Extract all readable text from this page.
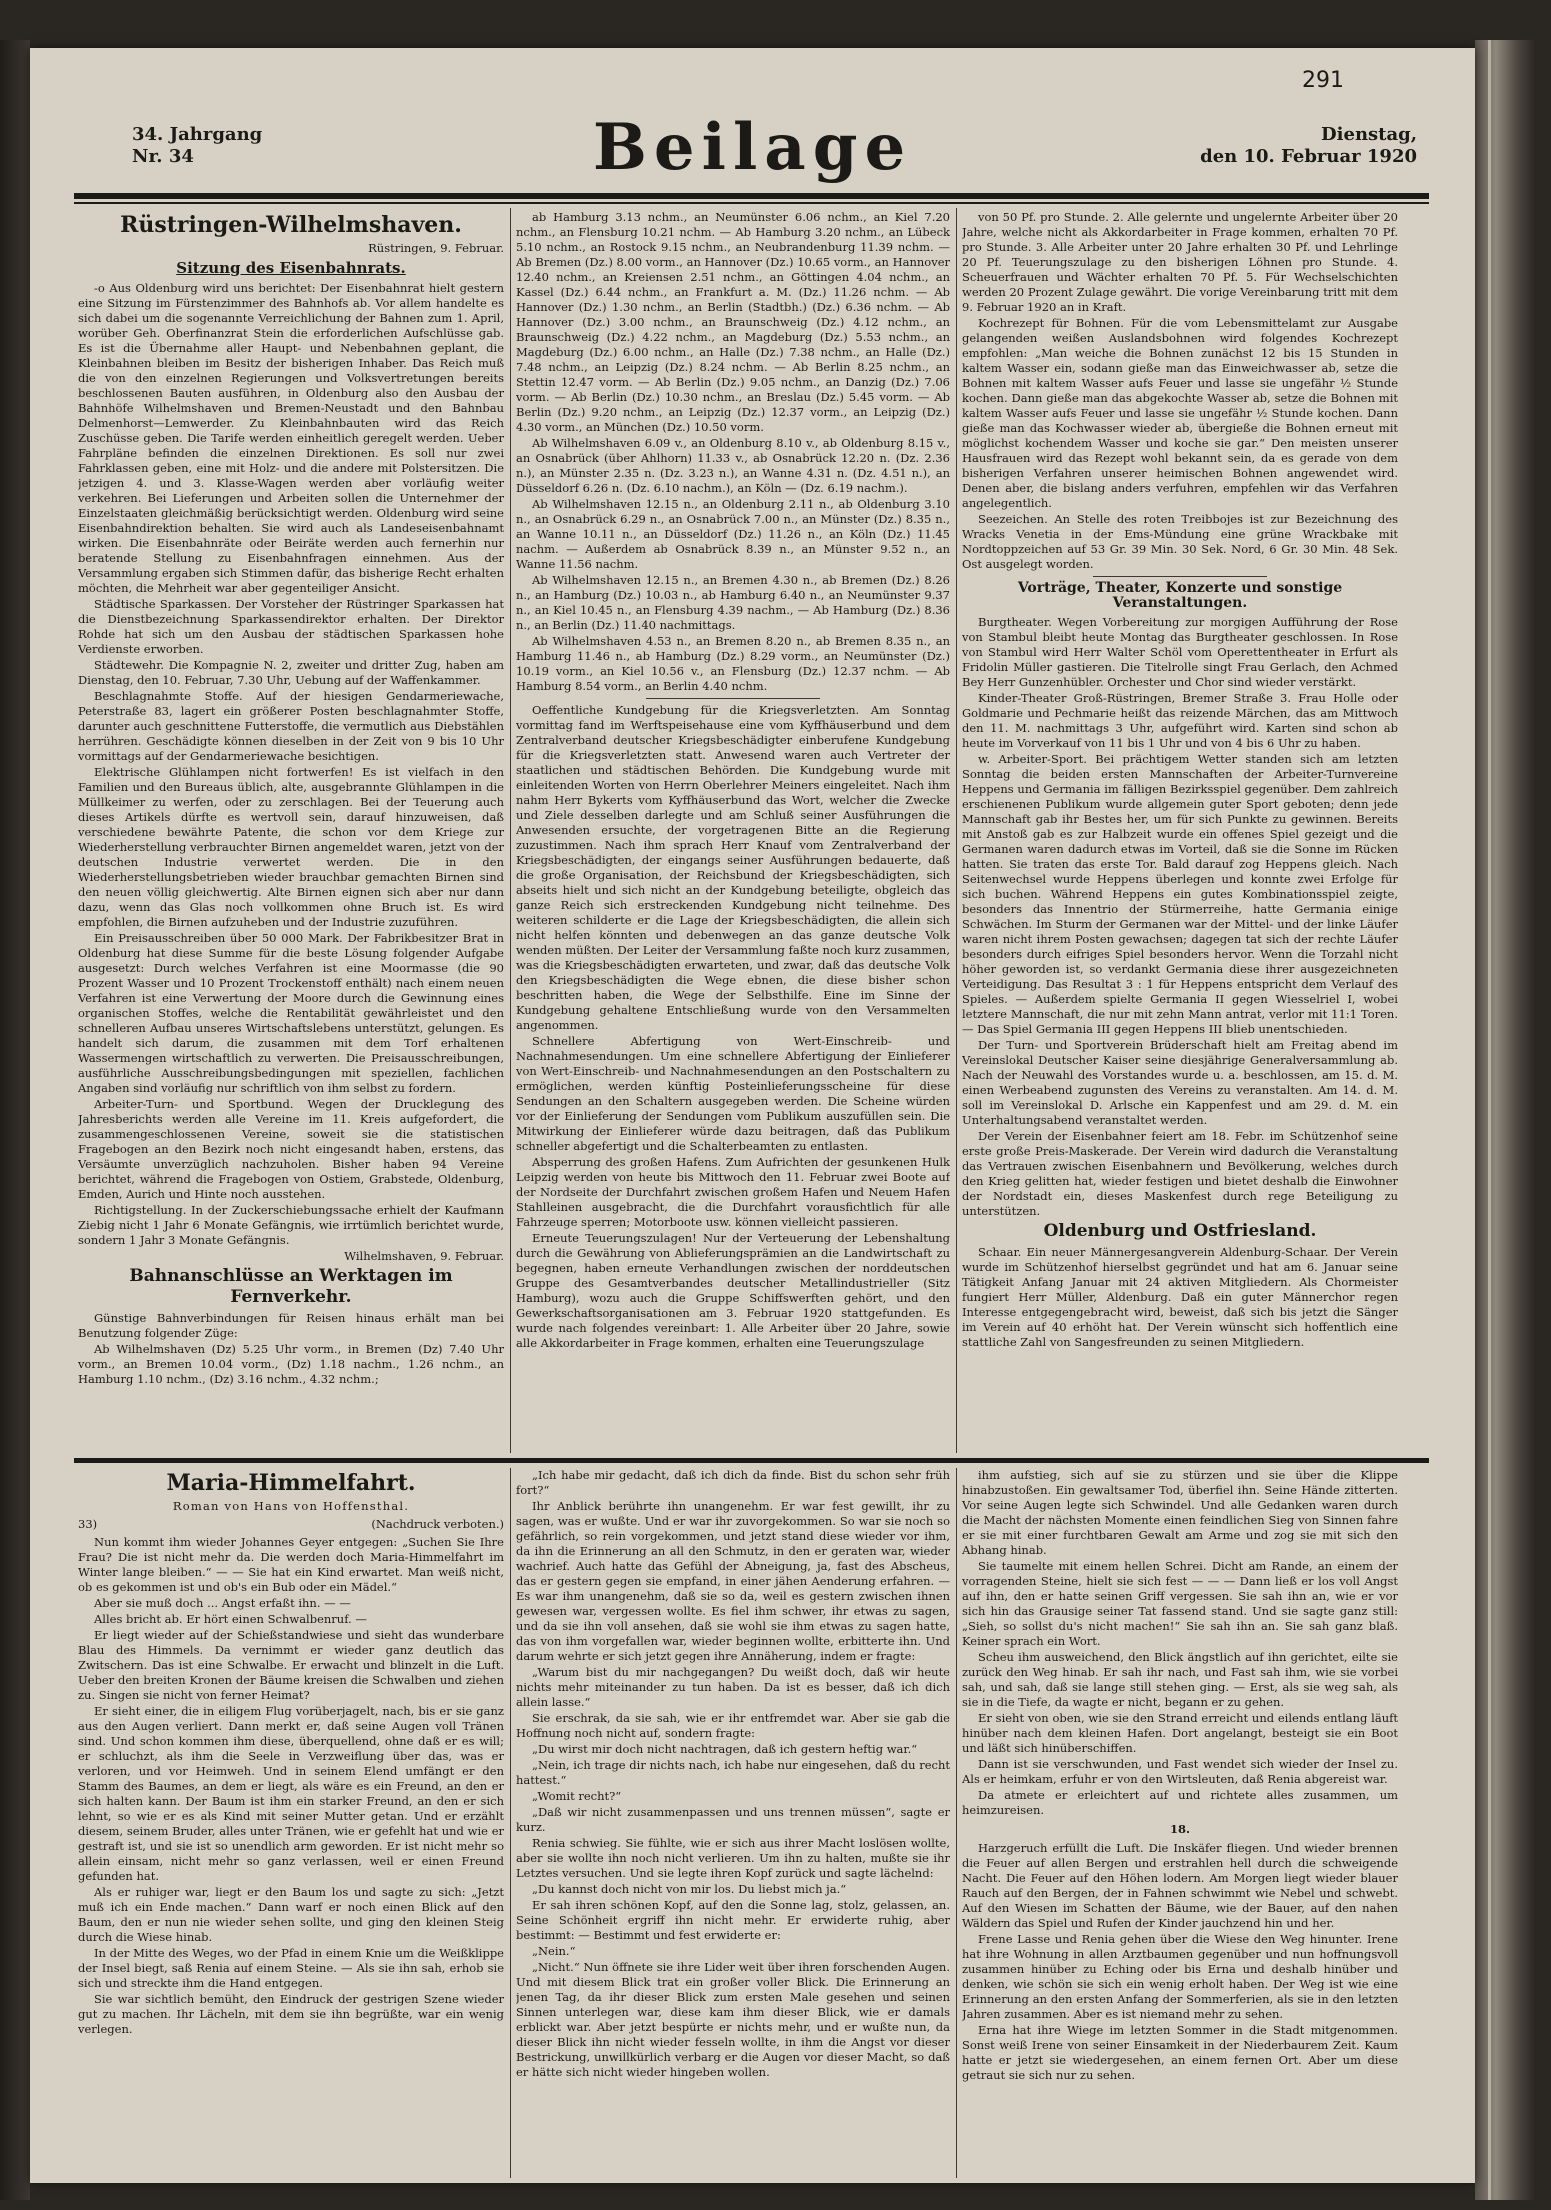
291
34. Jahrgang
Nr. 34	Beilage	Dienstag,
den 10. Februar 1920
Rüstringen-Wilhelmshaven.
Rüstringen, 9. Februar.
Sitzung des Eisenbahnrats.

-o Aus Oldenburg wird uns berichtet: Der Eisenbahnrat hielt gestern eine Sitzung im Fürstenzimmer des Bahnhofs ab. Vor allem handelte es sich dabei um die sogenannte Verreichlichung der Bahnen zum 1. April, worüber Geh. Oberfinanzrat Stein die erforderlichen Aufschlüsse gab. Es ist die Übernahme aller Haupt- und Nebenbahnen geplant, die Kleinbahnen bleiben im Besitz der bisherigen Inhaber. Das Reich muß die von den einzelnen Regierungen und Volksvertretungen bereits beschlossenen Bauten ausführen, in Oldenburg also den Ausbau der Bahnhöfe Wilhelmshaven und Bremen-Neustadt und den Bahnbau Delmenhorst—Lemwerder. Zu Kleinbahnbauten wird das Reich Zuschüsse geben. Die Tarife werden einheitlich geregelt werden. Ueber Fahrpläne befinden die einzelnen Direktionen. Es soll nur zwei Fahrklassen geben, eine mit Holz- und die andere mit Polstersitzen. Die jetzigen 4. und 3. Klasse-Wagen werden aber vorläufig weiter verkehren. Bei Lieferungen und Arbeiten sollen die Unternehmer der Einzelstaaten gleichmäßig berücksichtigt werden. Oldenburg wird seine Eisenbahndirektion behalten. Sie wird auch als Landeseisenbahnamt wirken. Die Eisenbahnräte oder Beiräte werden auch fernerhin nur beratende Stellung zu Eisenbahnfragen einnehmen. Aus der Versammlung ergaben sich Stimmen dafür, das bisherige Recht erhalten möchten, die Mehrheit war aber gegenteiliger Ansicht.

Städtische Sparkassen. Der Vorsteher der Rüstringer Sparkassen hat die Dienstbezeichnung Sparkassendirektor erhalten. Der Direktor Rohde hat sich um den Ausbau der städtischen Sparkassen hohe Verdienste erworben.

Städtewehr. Die Kompagnie N. 2, zweiter und dritter Zug, haben am Dienstag, den 10. Februar, 7.30 Uhr, Uebung auf der Waffenkammer.

Beschlagnahmte Stoffe. Auf der hiesigen Gendarmeriewache, Peterstraße 83, lagert ein größerer Posten beschlagnahmter Stoffe, darunter auch geschnittene Futterstoffe, die vermutlich aus Diebstählen herrühren. Geschädigte können dieselben in der Zeit von 9 bis 10 Uhr vormittags auf der Gendarmeriewache besichtigen.

Elektrische Glühlampen nicht fortwerfen! Es ist vielfach in den Familien und den Bureaus üblich, alte, ausgebrannte Glühlampen in die Müllkeimer zu werfen, oder zu zerschlagen. Bei der Teuerung auch dieses Artikels dürfte es wertvoll sein, darauf hinzuweisen, daß verschiedene bewährte Patente, die schon vor dem Kriege zur Wiederherstellung verbrauchter Birnen angemeldet waren, jetzt von der deutschen Industrie verwertet werden. Die in den Wiederherstellungsbetrieben wieder brauchbar gemachten Birnen sind den neuen völlig gleichwertig. Alte Birnen eignen sich aber nur dann dazu, wenn das Glas noch vollkommen ohne Bruch ist. Es wird empfohlen, die Birnen aufzuheben und der Industrie zuzuführen.

Ein Preisausschreiben über 50 000 Mark. Der Fabrikbesitzer Brat in Oldenburg hat diese Summe für die beste Lösung folgender Aufgabe ausgesetzt: Durch welches Verfahren ist eine Moormasse (die 90 Prozent Wasser und 10 Prozent Trockenstoff enthält) nach einem neuen Verfahren ist eine Verwertung der Moore durch die Gewinnung eines organischen Stoffes, welche die Rentabilität gewährleistet und den schnelleren Aufbau unseres Wirtschaftslebens unterstützt, gelungen. Es handelt sich darum, die zusammen mit dem Torf erhaltenen Wassermengen wirtschaftlich zu verwerten. Die Preisausschreibungen, ausführliche Ausschreibungsbedingungen mit speziellen, fachlichen Angaben sind vorläufig nur schriftlich von ihm selbst zu fordern.

Arbeiter-Turn- und Sportbund. Wegen der Drucklegung des Jahresberichts werden alle Vereine im 11. Kreis aufgefordert, die zusammengeschlossenen Vereine, soweit sie die statistischen Fragebogen an den Bezirk noch nicht eingesandt haben, erstens, das Versäumte unverzüglich nachzuholen. Bisher haben 94 Vereine berichtet, während die Fragebogen von Ostiem, Grabstede, Oldenburg, Emden, Aurich und Hinte noch ausstehen.

Richtigstellung. In der Zuckerschiebungssache erhielt der Kaufmann Ziebig nicht 1 Jahr 6 Monate Gefängnis, wie irrtümlich berichtet wurde, sondern 1 Jahr 3 Monate Gefängnis.

Wilhelmshaven, 9. Februar.
Bahnanschlüsse an Werktagen im Fernverkehr.

Günstige Bahnverbindungen für Reisen hinaus erhält man bei Benutzung folgender Züge:

Ab Wilhelmshaven (Dz) 5.25 Uhr vorm., in Bremen (Dz) 7.40 Uhr vorm., an Bremen 10.04 vorm., (Dz) 1.18 nachm., 1.26 nchm., an Hamburg 1.10 nchm., (Dz) 3.16 nchm., 4.32 nchm.;

ab Hamburg 3.13 nchm., an Neumünster 6.06 nchm., an Kiel 7.20 nchm., an Flensburg 10.21 nchm. — Ab Hamburg 3.20 nchm., an Lübeck 5.10 nchm., an Rostock 9.15 nchm., an Neubrandenburg 11.39 nchm. — Ab Bremen (Dz.) 8.00 vorm., an Hannover (Dz.) 10.65 vorm., an Hannover 12.40 nchm., an Kreiensen 2.51 nchm., an Göttingen 4.04 nchm., an Kassel (Dz.) 6.44 nchm., an Frankfurt a. M. (Dz.) 11.26 nchm. — Ab Hannover (Dz.) 1.30 nchm., an Berlin (Stadtbh.) (Dz.) 6.36 nchm. — Ab Hannover (Dz.) 3.00 nchm., an Braunschweig (Dz.) 4.12 nchm., an Braunschweig (Dz.) 4.22 nchm., an Magdeburg (Dz.) 5.53 nchm., an Magdeburg (Dz.) 6.00 nchm., an Halle (Dz.) 7.38 nchm., an Halle (Dz.) 7.48 nchm., an Leipzig (Dz.) 8.24 nchm. — Ab Berlin 8.25 nchm., an Stettin 12.47 vorm. — Ab Berlin (Dz.) 9.05 nchm., an Danzig (Dz.) 7.06 vorm. — Ab Berlin (Dz.) 10.30 nchm., an Breslau (Dz.) 5.45 vorm. — Ab Berlin (Dz.) 9.20 nchm., an Leipzig (Dz.) 12.37 vorm., an Leipzig (Dz.) 4.30 vorm., an München (Dz.) 10.50 vorm.

Ab Wilhelmshaven 6.09 v., an Oldenburg 8.10 v., ab Oldenburg 8.15 v., an Osnabrück (über Ahlhorn) 11.33 v., ab Osnabrück 12.20 n. (Dz. 2.36 n.), an Münster 2.35 n. (Dz. 3.23 n.), an Wanne 4.31 n. (Dz. 4.51 n.), an Düsseldorf 6.26 n. (Dz. 6.10 nachm.), an Köln — (Dz. 6.19 nachm.).

Ab Wilhelmshaven 12.15 n., an Oldenburg 2.11 n., ab Oldenburg 3.10 n., an Osnabrück 6.29 n., an Osnabrück 7.00 n., an Münster (Dz.) 8.35 n., an Wanne 10.11 n., an Düsseldorf (Dz.) 11.26 n., an Köln (Dz.) 11.45 nachm. — Außerdem ab Osnabrück 8.39 n., an Münster 9.52 n., an Wanne 11.56 nachm.

Ab Wilhelmshaven 12.15 n., an Bremen 4.30 n., ab Bremen (Dz.) 8.26 n., an Hamburg (Dz.) 10.03 n., ab Hamburg 6.40 n., an Neumünster 9.37 n., an Kiel 10.45 n., an Flensburg 4.39 nachm., — Ab Hamburg (Dz.) 8.36 n., an Berlin (Dz.) 11.40 nachmittags.

Ab Wilhelmshaven 4.53 n., an Bremen 8.20 n., ab Bremen 8.35 n., an Hamburg 11.46 n., ab Hamburg (Dz.) 8.29 vorm., an Neumünster (Dz.) 10.19 vorm., an Kiel 10.56 v., an Flensburg (Dz.) 12.37 nchm. — Ab Hamburg 8.54 vorm., an Berlin 4.40 nchm.

Oeffentliche Kundgebung für die Kriegsverletzten. Am Sonntag vormittag fand im Werftspeisehause eine vom Kyffhäuserbund und dem Zentralverband deutscher Kriegsbeschädigter einberufene Kundgebung für die Kriegsverletzten statt. Anwesend waren auch Vertreter der staatlichen und städtischen Behörden. Die Kundgebung wurde mit einleitenden Worten von Herrn Oberlehrer Meiners eingeleitet. Nach ihm nahm Herr Bykerts vom Kyffhäuserbund das Wort, welcher die Zwecke und Ziele desselben darlegte und am Schluß seiner Ausführungen die Anwesenden ersuchte, der vorgetragenen Bitte an die Regierung zuzustimmen. Nach ihm sprach Herr Knauf vom Zentralverband der Kriegsbeschädigten, der eingangs seiner Ausführungen bedauerte, daß die große Organisation, der Reichsbund der Kriegsbeschädigten, sich abseits hielt und sich nicht an der Kundgebung beteiligte, obgleich das ganze Reich sich erstreckenden Kundgebung nicht teilnehme. Des weiteren schilderte er die Lage der Kriegsbeschädigten, die allein sich nicht helfen könnten und debenwegen an das ganze deutsche Volk wenden müßten. Der Leiter der Versammlung faßte noch kurz zusammen, was die Kriegsbeschädigten erwarteten, und zwar, daß das deutsche Volk den Kriegsbeschädigten die Wege ebnen, die diese bisher schon beschritten haben, die Wege der Selbsthilfe. Eine im Sinne der Kundgebung gehaltene Entschließung wurde von den Versammelten angenommen.

Schnellere Abfertigung von Wert-Einschreib- und Nachnahmesendungen. Um eine schnellere Abfertigung der Einlieferer von Wert-Einschreib- und Nachnahmesendungen an den Postschaltern zu ermöglichen, werden künftig Posteinlieferungsscheine für diese Sendungen an den Schaltern ausgegeben werden. Die Scheine würden vor der Einlieferung der Sendungen vom Publikum auszufüllen sein. Die Mitwirkung der Einlieferer würde dazu beitragen, daß das Publikum schneller abgefertigt und die Schalterbeamten zu entlasten.

Absperrung des großen Hafens. Zum Aufrichten der gesunkenen Hulk Leipzig werden von heute bis Mittwoch den 11. Februar zwei Boote auf der Nordseite der Durchfahrt zwischen großem Hafen und Neuem Hafen Stahlleinen ausgebracht, die die Durchfahrt vorausfichtlich für alle Fahrzeuge sperren; Motorboote usw. können vielleicht passieren.

Erneute Teuerungszulagen! Nur der Verteuerung der Lebenshaltung durch die Gewährung von Ablieferungsprämien an die Landwirtschaft zu begegnen, haben erneute Verhandlungen zwischen der norddeutschen Gruppe des Gesamtverbandes deutscher Metallindustrieller (Sitz Hamburg), wozu auch die Gruppe Schiffswerften gehört, und den Gewerkschaftsorganisationen am 3. Februar 1920 stattgefunden. Es wurde nach folgendes vereinbart: 1. Alle Arbeiter über 20 Jahre, sowie alle Akkordarbeiter in Frage kommen, erhalten eine Teuerungszulage

von 50 Pf. pro Stunde. 2. Alle gelernte und ungelernte Arbeiter über 20 Jahre, welche nicht als Akkordarbeiter in Frage kommen, erhalten 70 Pf. pro Stunde. 3. Alle Arbeiter unter 20 Jahre erhalten 30 Pf. und Lehrlinge 20 Pf. Teuerungszulage zu den bisherigen Löhnen pro Stunde. 4. Scheuerfrauen und Wächter erhalten 70 Pf. 5. Für Wechselschichten werden 20 Prozent Zulage gewährt. Die vorige Vereinbarung tritt mit dem 9. Februar 1920 an in Kraft.

Kochrezept für Bohnen. Für die vom Lebensmittelamt zur Ausgabe gelangenden weißen Auslandsbohnen wird folgendes Kochrezept empfohlen: „Man weiche die Bohnen zunächst 12 bis 15 Stunden in kaltem Wasser ein, sodann gieße man das Einweichwasser ab, setze die Bohnen mit kaltem Wasser aufs Feuer und lasse sie ungefähr ½ Stunde kochen. Dann gieße man das abgekochte Wasser ab, setze die Bohnen mit kaltem Wasser aufs Feuer und lasse sie ungefähr ½ Stunde kochen. Dann gieße man das Kochwasser wieder ab, übergieße die Bohnen erneut mit möglichst kochendem Wasser und koche sie gar.“ Den meisten unserer Hausfrauen wird das Rezept wohl bekannt sein, da es gerade von dem bisherigen Verfahren unserer heimischen Bohnen angewendet wird. Denen aber, die bislang anders verfuhren, empfehlen wir das Verfahren angelegentlich.

Seezeichen. An Stelle des roten Treibbojes ist zur Bezeichnung des Wracks Venetia in der Ems-Mündung eine grüne Wrackbake mit Nordtoppzeichen auf 53 Gr. 39 Min. 30 Sek. Nord, 6 Gr. 30 Min. 48 Sek. Ost ausgelegt worden.

Vorträge, Theater, Konzerte und sonstige Veranstaltungen.

Burgtheater. Wegen Vorbereitung zur morgigen Aufführung der Rose von Stambul bleibt heute Montag das Burgtheater geschlossen. In Rose von Stambul wird Herr Walter Schöl vom Operettentheater in Erfurt als Fridolin Müller gastieren. Die Titelrolle singt Frau Gerlach, den Achmed Bey Herr Gunzenhübler. Orchester und Chor sind wieder verstärkt.

Kinder-Theater Groß-Rüstringen, Bremer Straße 3. Frau Holle oder Goldmarie und Pechmarie heißt das reizende Märchen, das am Mittwoch den 11. M. nachmittags 3 Uhr, aufgeführt wird. Karten sind schon ab heute im Vorverkauf von 11 bis 1 Uhr und von 4 bis 6 Uhr zu haben.

w. Arbeiter-Sport. Bei prächtigem Wetter standen sich am letzten Sonntag die beiden ersten Mannschaften der Arbeiter-Turnvereine Heppens und Germania im fälligen Bezirksspiel gegenüber. Dem zahlreich erschienenen Publikum wurde allgemein guter Sport geboten; denn jede Mannschaft gab ihr Bestes her, um für sich Punkte zu gewinnen. Bereits mit Anstoß gab es zur Halbzeit wurde ein offenes Spiel gezeigt und die Germanen waren dadurch etwas im Vorteil, daß sie die Sonne im Rücken hatten. Sie traten das erste Tor. Bald darauf zog Heppens gleich. Nach Seitenwechsel wurde Heppens überlegen und konnte zwei Erfolge für sich buchen. Während Heppens ein gutes Kombinationsspiel zeigte, besonders das Innentrio der Stürmerreihe, hatte Germania einige Schwächen. Im Sturm der Germanen war der Mittel- und der linke Läufer waren nicht ihrem Posten gewachsen; dagegen tat sich der rechte Läufer besonders durch eifriges Spiel besonders hervor. Wenn die Torzahl nicht höher geworden ist, so verdankt Germania diese ihrer ausgezeichneten Verteidigung. Das Resultat 3 : 1 für Heppens entspricht dem Verlauf des Spieles. — Außerdem spielte Germania II gegen Wiesselriel I, wobei letztere Mannschaft, die nur mit zehn Mann antrat, verlor mit 11:1 Toren. — Das Spiel Germania III gegen Heppens III blieb unentschieden.

Der Turn- und Sportverein Brüderschaft hielt am Freitag abend im Vereinslokal Deutscher Kaiser seine diesjährige Generalversammlung ab. Nach der Neuwahl des Vorstandes wurde u. a. beschlossen, am 15. d. M. einen Werbeabend zugunsten des Vereins zu veranstalten. Am 14. d. M. soll im Vereinslokal D. Arlsche ein Kappenfest und am 29. d. M. ein Unterhaltungsabend veranstaltet werden.

Der Verein der Eisenbahner feiert am 18. Febr. im Schützenhof seine erste große Preis-Maskerade. Der Verein wird dadurch die Veranstaltung das Vertrauen zwischen Eisenbahnern und Bevölkerung, welches durch den Krieg gelitten hat, wieder festigen und bietet deshalb die Einwohner der Nordstadt ein, dieses Maskenfest durch rege Beteiligung zu unterstützen.

Oldenburg und Ostfriesland.

Schaar. Ein neuer Männergesangverein Aldenburg-Schaar. Der Verein wurde im Schützenhof hierselbst gegründet und hat am 6. Januar seine Tätigkeit Anfang Januar mit 24 aktiven Mitgliedern. Als Chormeister fungiert Herr Müller, Aldenburg. Daß ein guter Männerchor regen Interesse entgegengebracht wird, beweist, daß sich bis jetzt die Sänger im Verein auf 40 erhöht hat. Der Verein wünscht sich hoffentlich eine stattliche Zahl von Sangesfreunden zu seinen Mitgliedern.

Maria-Himmelfahrt.
Roman von Hans von Hoffensthal.
33)	(Nachdruck verboten.)

Nun kommt ihm wieder Johannes Geyer entgegen: „Suchen Sie Ihre Frau? Die ist nicht mehr da. Die werden doch Maria-Himmelfahrt im Winter lange bleiben.“ — — Sie hat ein Kind erwartet. Man weiß nicht, ob es gekommen ist und ob's ein Bub oder ein Mädel.“

Aber sie muß doch ... Angst erfaßt ihn. — —

Alles bricht ab. Er hört einen Schwalbenruf. —

Er liegt wieder auf der Schießstandwiese und sieht das wunderbare Blau des Himmels. Da vernimmt er wieder ganz deutlich das Zwitschern. Das ist eine Schwalbe. Er erwacht und blinzelt in die Luft. Ueber den breiten Kronen der Bäume kreisen die Schwalben und ziehen zu. Singen sie nicht von ferner Heimat?

Er sieht einer, die in eiligem Flug vorüberjagelt, nach, bis er sie ganz aus den Augen verliert. Dann merkt er, daß seine Augen voll Tränen sind. Und schon kommen ihm diese, überquellend, ohne daß er es will; er schluchzt, als ihm die Seele in Verzweiflung über das, was er verloren, und vor Heimweh. Und in seinem Elend umfängt er den Stamm des Baumes, an dem er liegt, als wäre es ein Freund, an den er sich halten kann. Der Baum ist ihm ein starker Freund, an den er sich lehnt, so wie er es als Kind mit seiner Mutter getan. Und er erzählt diesem, seinem Bruder, alles unter Tränen, wie er gefehlt hat und wie er gestraft ist, und sie ist so unendlich arm geworden. Er ist nicht mehr so allein einsam, nicht mehr so ganz verlassen, weil er einen Freund gefunden hat.

Als er ruhiger war, liegt er den Baum los und sagte zu sich: „Jetzt muß ich ein Ende machen.“ Dann warf er noch einen Blick auf den Baum, den er nun nie wieder sehen sollte, und ging den kleinen Steig durch die Wiese hinab.

In der Mitte des Weges, wo der Pfad in einem Knie um die Weißklippe der Insel biegt, saß Renia auf einem Steine. — Als sie ihn sah, erhob sie sich und streckte ihm die Hand entgegen.

Sie war sichtlich bemüht, den Eindruck der gestrigen Szene wieder gut zu machen. Ihr Lächeln, mit dem sie ihn begrüßte, war ein wenig verlegen.

„Ich habe mir gedacht, daß ich dich da finde. Bist du schon sehr früh fort?“

Ihr Anblick berührte ihn unangenehm. Er war fest gewillt, ihr zu sagen, was er wußte. Und er war ihr zuvorgekommen. So war sie noch so gefährlich, so rein vorgekommen, und jetzt stand diese wieder vor ihm, da ihn die Erinnerung an all den Schmutz, in den er geraten war, wieder wachrief. Auch hatte das Gefühl der Abneigung, ja, fast des Abscheus, das er gestern gegen sie empfand, in einer jähen Aenderung erfahren. — Es war ihm unangenehm, daß sie so da, weil es gestern zwischen ihnen gewesen war, vergessen wollte. Es fiel ihm schwer, ihr etwas zu sagen, und da sie ihn voll ansehen, daß sie wohl sie ihm etwas zu sagen hatte, das von ihm vorgefallen war, wieder beginnen wollte, erbitterte ihn. Und darum wehrte er sich jetzt gegen ihre Annäherung, indem er fragte:

„Warum bist du mir nachgegangen? Du weißt doch, daß wir heute nichts mehr miteinander zu tun haben. Da ist es besser, daß ich dich allein lasse.“

Sie erschrak, da sie sah, wie er ihr entfremdet war. Aber sie gab die Hoffnung noch nicht auf, sondern fragte:

„Du wirst mir doch nicht nachtragen, daß ich gestern heftig war.“

„Nein, ich trage dir nichts nach, ich habe nur eingesehen, daß du recht hattest.“

„Womit recht?“

„Daß wir nicht zusammenpassen und uns trennen müssen“, sagte er kurz.

Renia schwieg. Sie fühlte, wie er sich aus ihrer Macht loslösen wollte, aber sie wollte ihn noch nicht verlieren. Um ihn zu halten, mußte sie ihr Letztes versuchen. Und sie legte ihren Kopf zurück und sagte lächelnd:

„Du kannst doch nicht von mir los. Du liebst mich ja.“

Er sah ihren schönen Kopf, auf den die Sonne lag, stolz, gelassen, an. Seine Schönheit ergriff ihn nicht mehr. Er erwiderte ruhig, aber bestimmt: — Bestimmt und fest erwiderte er:

„Nein.“

„Nicht.“ Nun öffnete sie ihre Lider weit über ihren forschenden Augen. Und mit diesem Blick trat ein großer voller Blick. Die Erinnerung an jenen Tag, da ihr dieser Blick zum ersten Male gesehen und seinen Sinnen unterlegen war, diese kam ihm dieser Blick, wie er damals erblickt war. Aber jetzt bespürte er nichts mehr, und er wußte nun, da dieser Blick ihn nicht wieder fesseln wollte, in ihm die Angst vor dieser Bestrickung, unwillkürlich verbarg er die Augen vor dieser Macht, so daß er hätte sich nicht wieder hingeben wollen.

ihm aufstieg, sich auf sie zu stürzen und sie über die Klippe hinabzustoßen. Ein gewaltsamer Tod, überfiel ihn. Seine Hände zitterten. Vor seine Augen legte sich Schwindel. Und alle Gedanken waren durch die Macht der nächsten Momente einen feindlichen Sieg von Sinnen fahre er sie mit einer furchtbaren Gewalt am Arme und zog sie mit sich den Abhang hinab.

Sie taumelte mit einem hellen Schrei. Dicht am Rande, an einem der vorragenden Steine, hielt sie sich fest — — — Dann ließ er los voll Angst auf ihn, den er hatte seinen Griff vergessen. Sie sah ihn an, wie er vor sich hin das Grausige seiner Tat fassend stand. Und sie sagte ganz still: „Sieh, so sollst du's nicht machen!“ Sie sah ihn an. Sie sah ganz blaß. Keiner sprach ein Wort.

Scheu ihm ausweichend, den Blick ängstlich auf ihn gerichtet, eilte sie zurück den Weg hinab. Er sah ihr nach, und Fast sah ihm, wie sie vorbei sah, und sah, daß sie lange still stehen ging. — Erst, als sie weg sah, als sie in die Tiefe, da wagte er nicht, begann er zu gehen.

Er sieht von oben, wie sie den Strand erreicht und eilends entlang läuft hinüber nach dem kleinen Hafen. Dort angelangt, besteigt sie ein Boot und läßt sich hinüberschiffen.

Dann ist sie verschwunden, und Fast wendet sich wieder der Insel zu. Als er heimkam, erfuhr er von den Wirtsleuten, daß Renia abgereist war.

Da atmete er erleichtert auf und richtete alles zusammen, um heimzureisen.

18.

Harzgeruch erfüllt die Luft. Die Inskäfer fliegen. Und wieder brennen die Feuer auf allen Bergen und erstrahlen hell durch die schweigende Nacht. Die Feuer auf den Höhen lodern. Am Morgen liegt wieder blauer Rauch auf den Bergen, der in Fahnen schwimmt wie Nebel und schwebt. Auf den Wiesen im Schatten der Bäume, wie der Bauer, auf den nahen Wäldern das Spiel und Rufen der Kinder jauchzend hin und her.

Frene Lasse und Renia gehen über die Wiese den Weg hinunter. Irene hat ihre Wohnung in allen Arztbaumen gegenüber und nun hoffnungsvoll zusammen hinüber zu Eching oder bis Erna und deshalb hinüber und denken, wie schön sie sich ein wenig erholt haben. Der Weg ist wie eine Erinnerung an den ersten Anfang der Sommerferien, als sie in den letzten Jahren zusammen. Aber es ist niemand mehr zu sehen.

Erna hat ihre Wiege im letzten Sommer in die Stadt mitgenommen. Sonst weiß Irene von seiner Einsamkeit in der Niederbaurem Zeit. Kaum hatte er jetzt sie wiedergesehen, an einem fernen Ort. Aber um diese getraut sie sich nur zu sehen.
